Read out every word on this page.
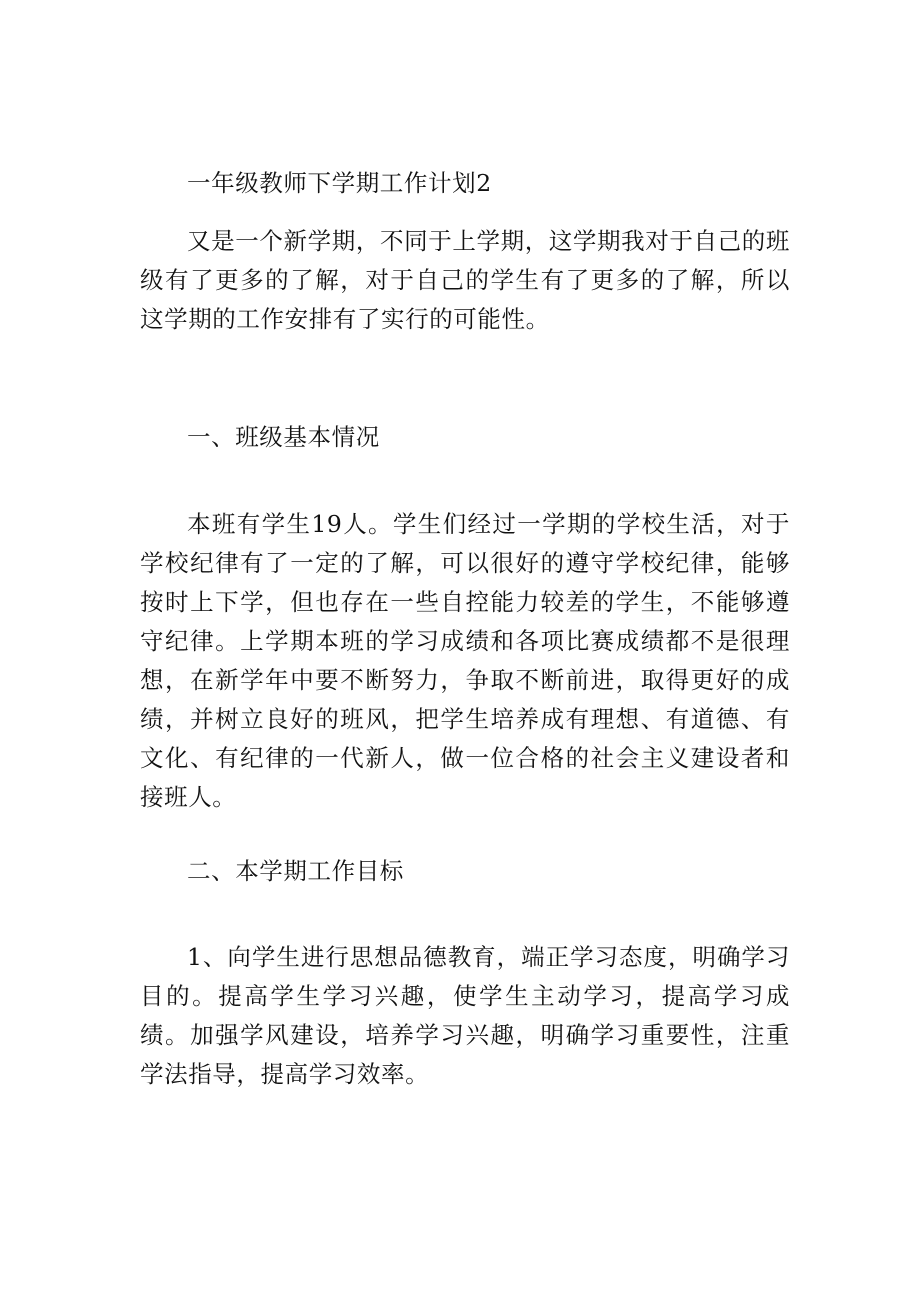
一年级教师下学期工作计划2

又是一个新学期，不同于上学期，这学期我对于自己的班级有了更多的了解，对于自己的学生有了更多的了解，所以这学期的工作安排有了实行的可能性。

一、班级基本情况

本班有学生19人。学生们经过一学期的学校生活，对于学校纪律有了一定的了解，可以很好的遵守学校纪律，能够按时上下学，但也存在一些自控能力较差的学生，不能够遵守纪律。上学期本班的学习成绩和各项比赛成绩都不是很理想，在新学年中要不断努力，争取不断前进，取得更好的成绩，并树立良好的班风，把学生培养成有理想、有道德、有文化、有纪律的一代新人，做一位合格的社会主义建设者和接班人。

二、本学期工作目标

1、向学生进行思想品德教育，端正学习态度，明确学习目的。提高学生学习兴趣，使学生主动学习，提高学习成绩。加强学风建设，培养学习兴趣，明确学习重要性，注重学法指导，提高学习效率。
